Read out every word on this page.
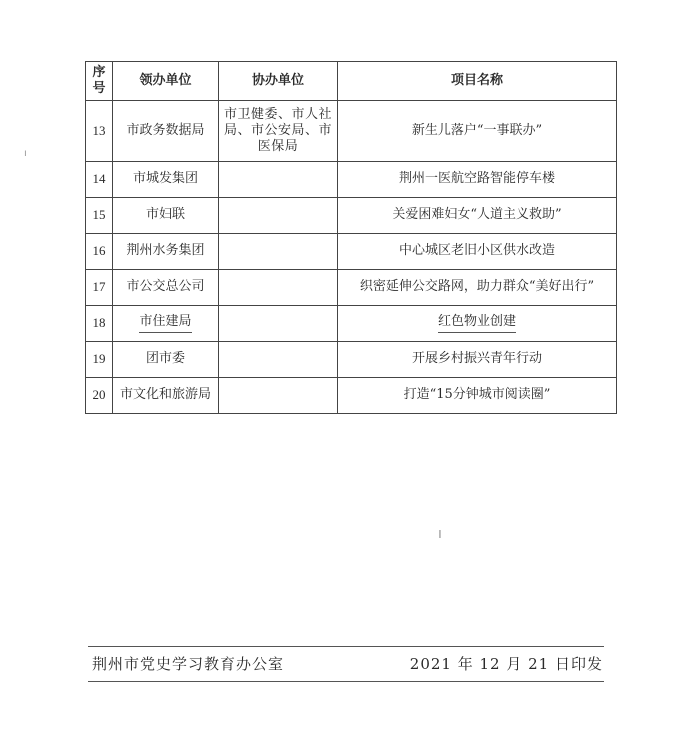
序号	领办单位	协办单位	项目名称
13	市政务数据局	市卫健委、市人社局、市公安局、市医保局	新生儿落户“一事联办”
14	市城发集团		荆州一医航空路智能停车楼
15	市妇联		关爱困难妇女“人道主义救助”
16	荆州水务集团		中心城区老旧小区供水改造
17	市公交总公司		织密延伸公交路网，助力群众“美好出行”
18	市住建局		红色物业创建
19	团市委		开展乡村振兴青年行动
20	市文化和旅游局		打造“15分钟城市阅读圈”
ı
ı
荆州市党史学习教育办公室	2021 年 12 月 21 日印发
